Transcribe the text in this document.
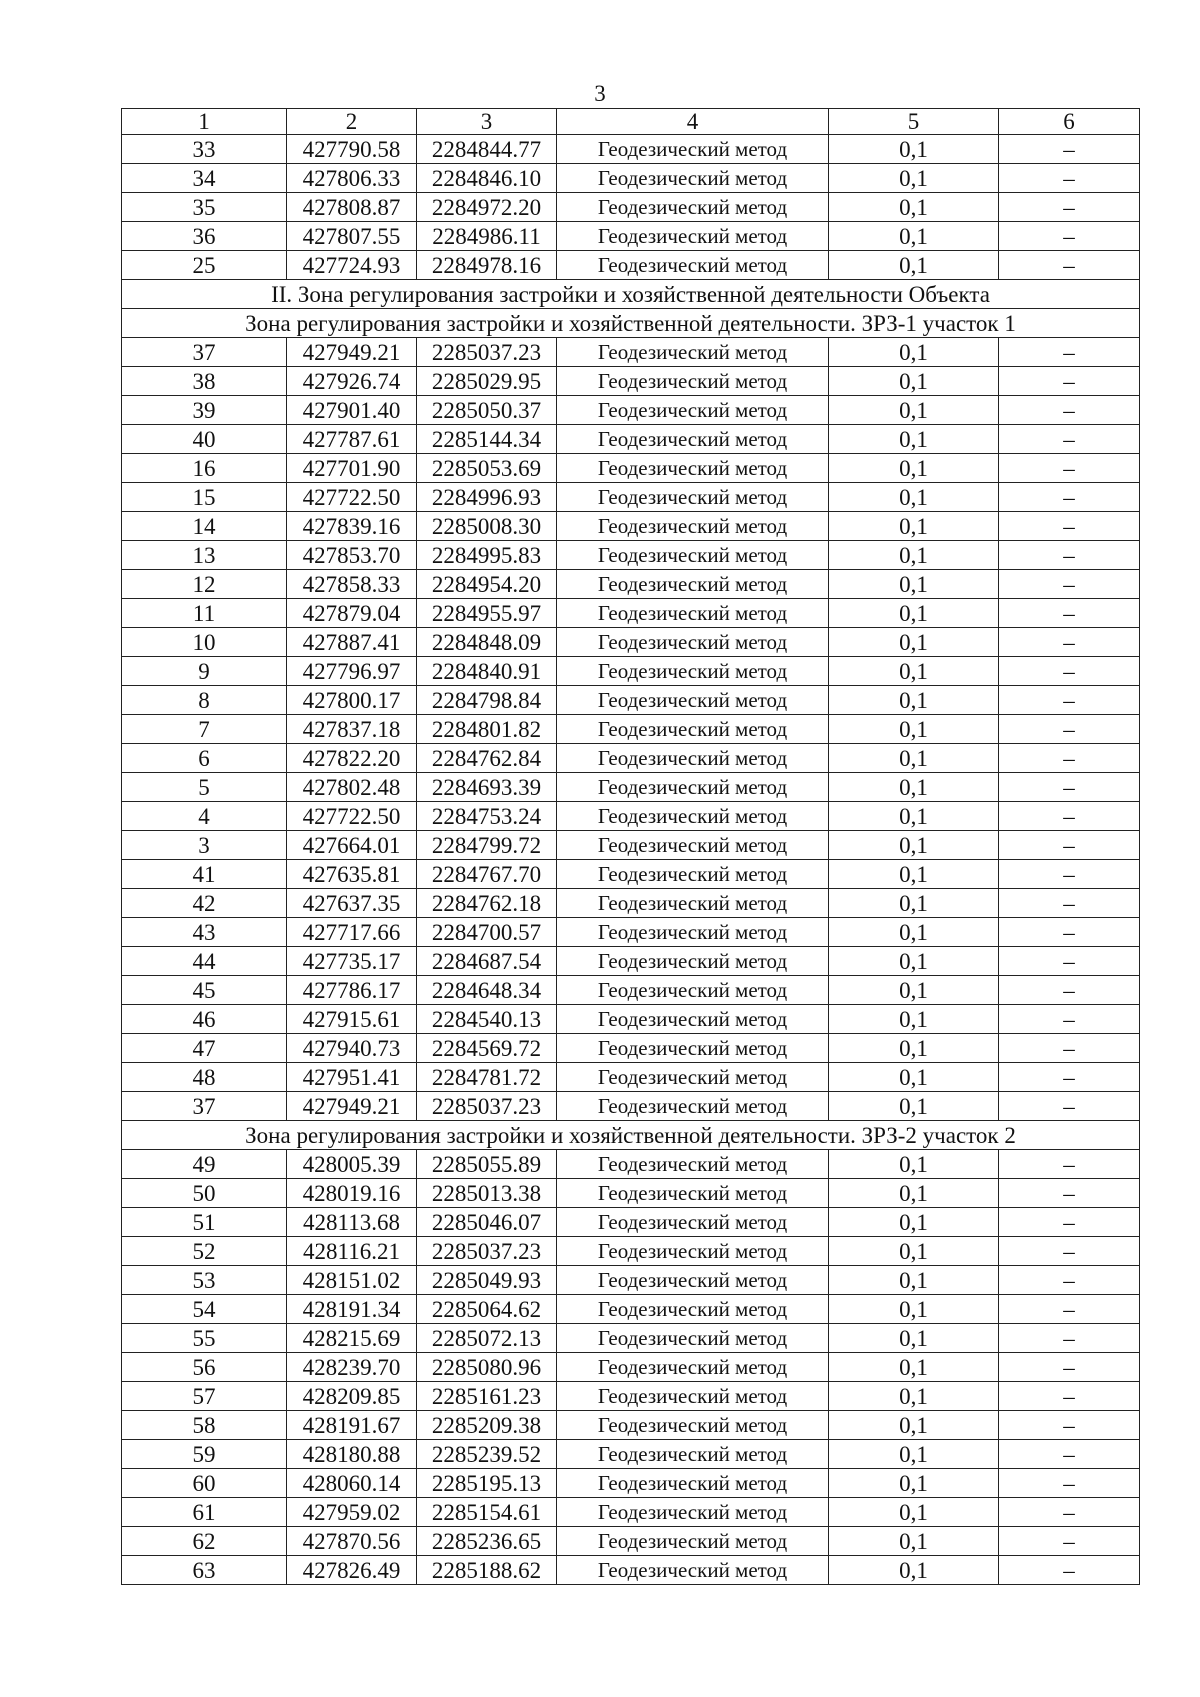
3
1	2	3	4	5	6
33	427790.58	2284844.77	Геодезический метод	0,1	–
34	427806.33	2284846.10	Геодезический метод	0,1	–
35	427808.87	2284972.20	Геодезический метод	0,1	–
36	427807.55	2284986.11	Геодезический метод	0,1	–
25	427724.93	2284978.16	Геодезический метод	0,1	–
II. Зона регулирования застройки и хозяйственной деятельности Объекта					
Зона регулирования застройки и хозяйственной деятельности. ЗРЗ-1 участок 1					
37	427949.21	2285037.23	Геодезический метод	0,1	–
38	427926.74	2285029.95	Геодезический метод	0,1	–
39	427901.40	2285050.37	Геодезический метод	0,1	–
40	427787.61	2285144.34	Геодезический метод	0,1	–
16	427701.90	2285053.69	Геодезический метод	0,1	–
15	427722.50	2284996.93	Геодезический метод	0,1	–
14	427839.16	2285008.30	Геодезический метод	0,1	–
13	427853.70	2284995.83	Геодезический метод	0,1	–
12	427858.33	2284954.20	Геодезический метод	0,1	–
11	427879.04	2284955.97	Геодезический метод	0,1	–
10	427887.41	2284848.09	Геодезический метод	0,1	–
9	427796.97	2284840.91	Геодезический метод	0,1	–
8	427800.17	2284798.84	Геодезический метод	0,1	–
7	427837.18	2284801.82	Геодезический метод	0,1	–
6	427822.20	2284762.84	Геодезический метод	0,1	–
5	427802.48	2284693.39	Геодезический метод	0,1	–
4	427722.50	2284753.24	Геодезический метод	0,1	–
3	427664.01	2284799.72	Геодезический метод	0,1	–
41	427635.81	2284767.70	Геодезический метод	0,1	–
42	427637.35	2284762.18	Геодезический метод	0,1	–
43	427717.66	2284700.57	Геодезический метод	0,1	–
44	427735.17	2284687.54	Геодезический метод	0,1	–
45	427786.17	2284648.34	Геодезический метод	0,1	–
46	427915.61	2284540.13	Геодезический метод	0,1	–
47	427940.73	2284569.72	Геодезический метод	0,1	–
48	427951.41	2284781.72	Геодезический метод	0,1	–
37	427949.21	2285037.23	Геодезический метод	0,1	–
Зона регулирования застройки и хозяйственной деятельности. ЗРЗ-2 участок 2					
49	428005.39	2285055.89	Геодезический метод	0,1	–
50	428019.16	2285013.38	Геодезический метод	0,1	–
51	428113.68	2285046.07	Геодезический метод	0,1	–
52	428116.21	2285037.23	Геодезический метод	0,1	–
53	428151.02	2285049.93	Геодезический метод	0,1	–
54	428191.34	2285064.62	Геодезический метод	0,1	–
55	428215.69	2285072.13	Геодезический метод	0,1	–
56	428239.70	2285080.96	Геодезический метод	0,1	–
57	428209.85	2285161.23	Геодезический метод	0,1	–
58	428191.67	2285209.38	Геодезический метод	0,1	–
59	428180.88	2285239.52	Геодезический метод	0,1	–
60	428060.14	2285195.13	Геодезический метод	0,1	–
61	427959.02	2285154.61	Геодезический метод	0,1	–
62	427870.56	2285236.65	Геодезический метод	0,1	–
63	427826.49	2285188.62	Геодезический метод	0,1	–
